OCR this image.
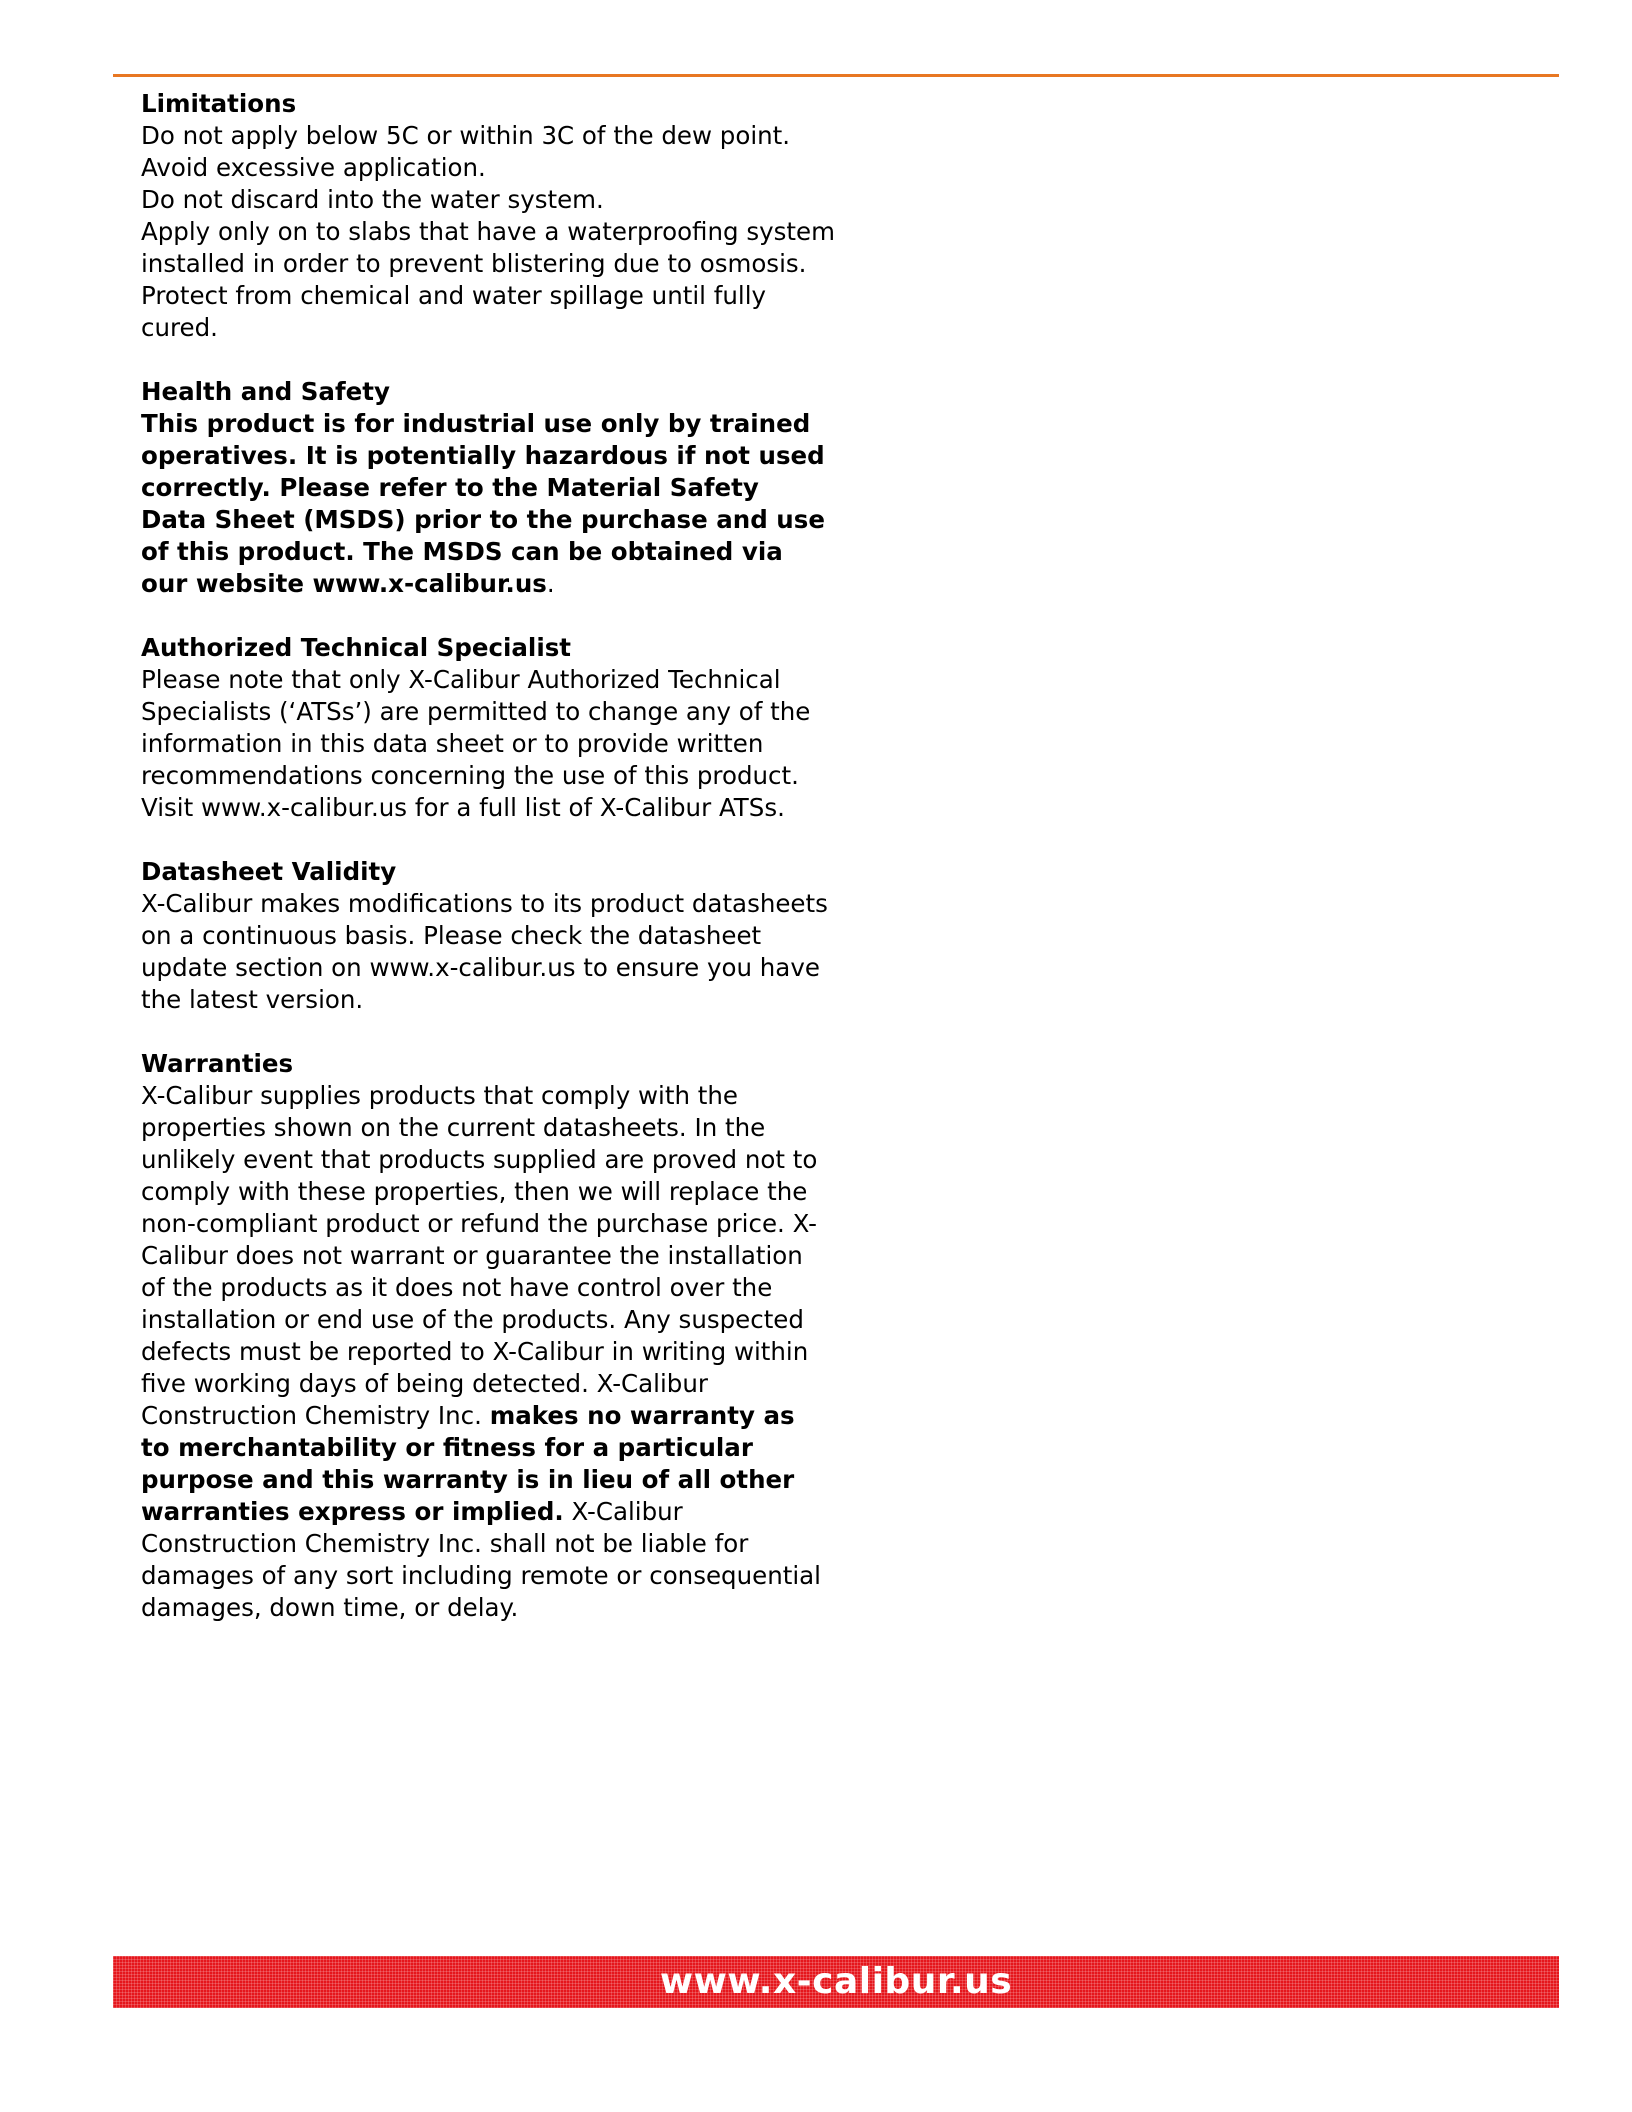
Limitations

Do not apply below 5C or within 3C of the dew point.

Avoid excessive application.

Do not discard into the water system.

Apply only on to slabs that have a waterproofing system

installed in order to prevent blistering due to osmosis.

Protect from chemical and water spillage until fully

cured.

Health and Safety

This product is for industrial use only by trained operatives. It is potentially hazardous if not used correctly. Please refer to the Material Safety Data Sheet (MSDS) prior to the purchase and use of this product. The MSDS can be obtained via our website www.x-calibur.us.

Authorized Technical Specialist

Please note that only X-Calibur Authorized Technical Specialists (‘ATSs’) are permitted to change any of the information in this data sheet or to provide written recommendations concerning the use of this product. Visit www.x-calibur.us for a full list of X-Calibur ATSs.

Datasheet Validity

X-Calibur makes modifications to its product datasheets on a continuous basis. Please check the datasheet update section on www.x-calibur.us to ensure you have the latest version.

Warranties

X-Calibur supplies products that comply with the properties shown on the current datasheets. In the unlikely event that products supplied are proved not to comply with these properties, then we will replace the non-compliant product or refund the purchase price. X-Calibur does not warrant or guarantee the installation of the products as it does not have control over the installation or end use of the products. Any suspected defects must be reported to X-Calibur in writing within five working days of being detected. X-Calibur Construction Chemistry Inc. makes no warranty as to merchantability or fitness for a particular purpose and this warranty is in lieu of all other warranties express or implied. X-Calibur Construction Chemistry Inc. shall not be liable for damages of any sort including remote or consequential damages, down time, or delay.

www.x-calibur.us
